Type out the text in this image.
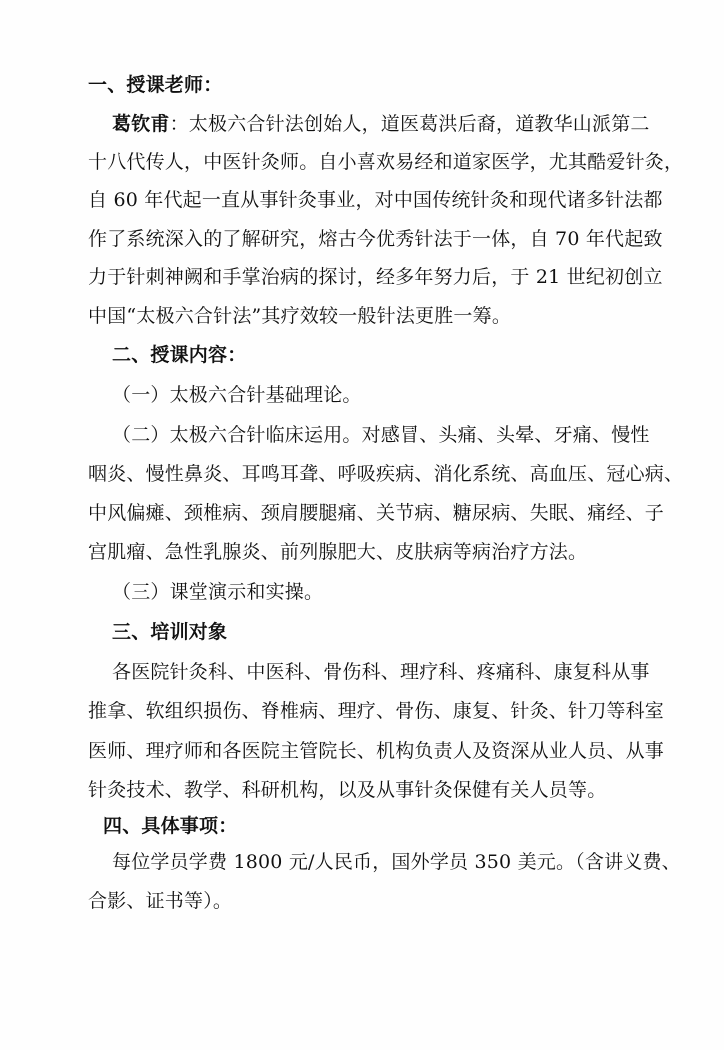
一、授课老师：
葛钦甫：太极六合针法创始人，道医葛洪后裔，道教华山派第二
十八代传人，中医针灸师。自小喜欢易经和道家医学，尤其酷爱针灸，
自 60 年代起一直从事针灸事业，对中国传统针灸和现代诸多针法都
作了系统深入的了解研究，熔古今优秀针法于一体，自 70 年代起致
力于针刺神阙和手掌治病的探讨，经多年努力后，于 21 世纪初创立
中国“太极六合针法”其疗效较一般针法更胜一筹。
二、授课内容：
（一）太极六合针基础理论。
（二）太极六合针临床运用。对感冒、头痛、头晕、牙痛、慢性
咽炎、慢性鼻炎、耳鸣耳聋、呼吸疾病、消化系统、高血压、冠心病、
中风偏瘫、颈椎病、颈肩腰腿痛、关节病、糖尿病、失眠、痛经、子
宫肌瘤、急性乳腺炎、前列腺肥大、皮肤病等病治疗方法。
（三）课堂演示和实操。
三、培训对象
各医院针灸科、中医科、骨伤科、理疗科、疼痛科、康复科从事
推拿、软组织损伤、脊椎病、理疗、骨伤、康复、针灸、针刀等科室
医师、理疗师和各医院主管院长、机构负责人及资深从业人员、从事
针灸技术、教学、科研机构，以及从事针灸保健有关人员等。
四、具体事项：
每位学员学费 1800 元/人民币，国外学员 350 美元。（含讲义费、
合影、证书等）。
